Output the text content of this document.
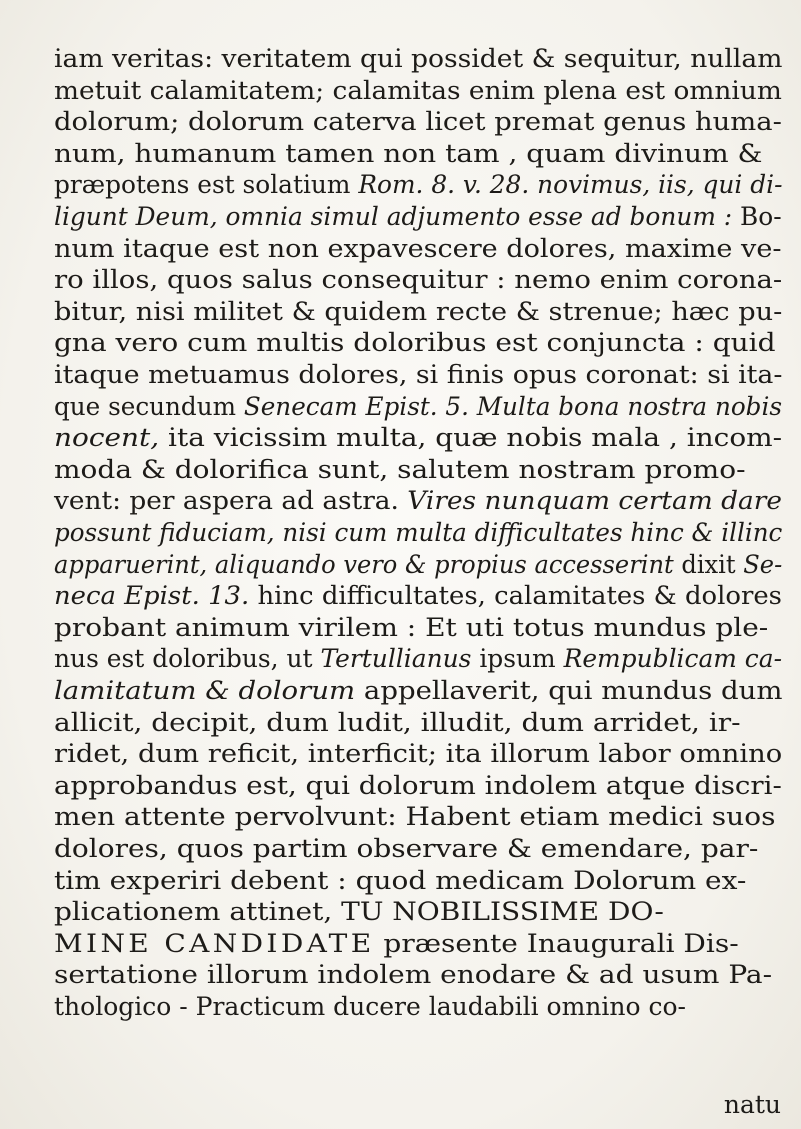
iam veritas: veritatem qui possidet & sequitur, nullam
metuit calamitatem; calamitas enim plena est omnium
dolorum; dolorum caterva licet premat genus huma-
num, humanum tamen non tam , quam divinum &
præpotens est solatium Rom. 8. v. 28. novimus, iis, qui di-
ligunt Deum, omnia simul adjumento esse ad bonum : Bo-
num itaque est non expavescere dolores, maxime ve-
ro illos, quos salus consequitur : nemo enim corona-
bitur, nisi militet & quidem recte & strenue; hæc pu-
gna vero cum multis doloribus est conjuncta : quid
itaque metuamus dolores, si finis opus coronat: si ita-
que secundum Senecam Epist. 5. Multa bona nostra nobis
nocent, ita vicissim multa, quæ nobis mala , incom-
moda & dolorifica sunt, salutem nostram promo-
vent: per aspera ad astra. Vires nunquam certam dare
possunt fiduciam, nisi cum multa difficultates hinc & illinc
apparuerint, aliquando vero & propius accesserint dixit Se-
neca Epist. 13. hinc difficultates, calamitates & dolores
probant animum virilem : Et uti totus mundus ple-
nus est doloribus, ut Tertullianus ipsum Rempublicam ca-
lamitatum & dolorum appellaverit, qui mundus dum
allicit, decipit, dum ludit, illudit, dum arridet, ir-
ridet, dum reficit, interficit; ita illorum labor omnino
approbandus est, qui dolorum indolem atque discri-
men attente pervolvunt: Habent etiam medici suos
dolores, quos partim observare & emendare, par-
tim experiri debent : quod medicam Dolorum ex-
plicationem attinet, TU NOBILISSIME DO-
MINE CANDIDATE præsente Inaugurali Dis-
sertatione illorum indolem enodare & ad usum Pa-
thologico - Practicum ducere laudabili omnino co-
natu
